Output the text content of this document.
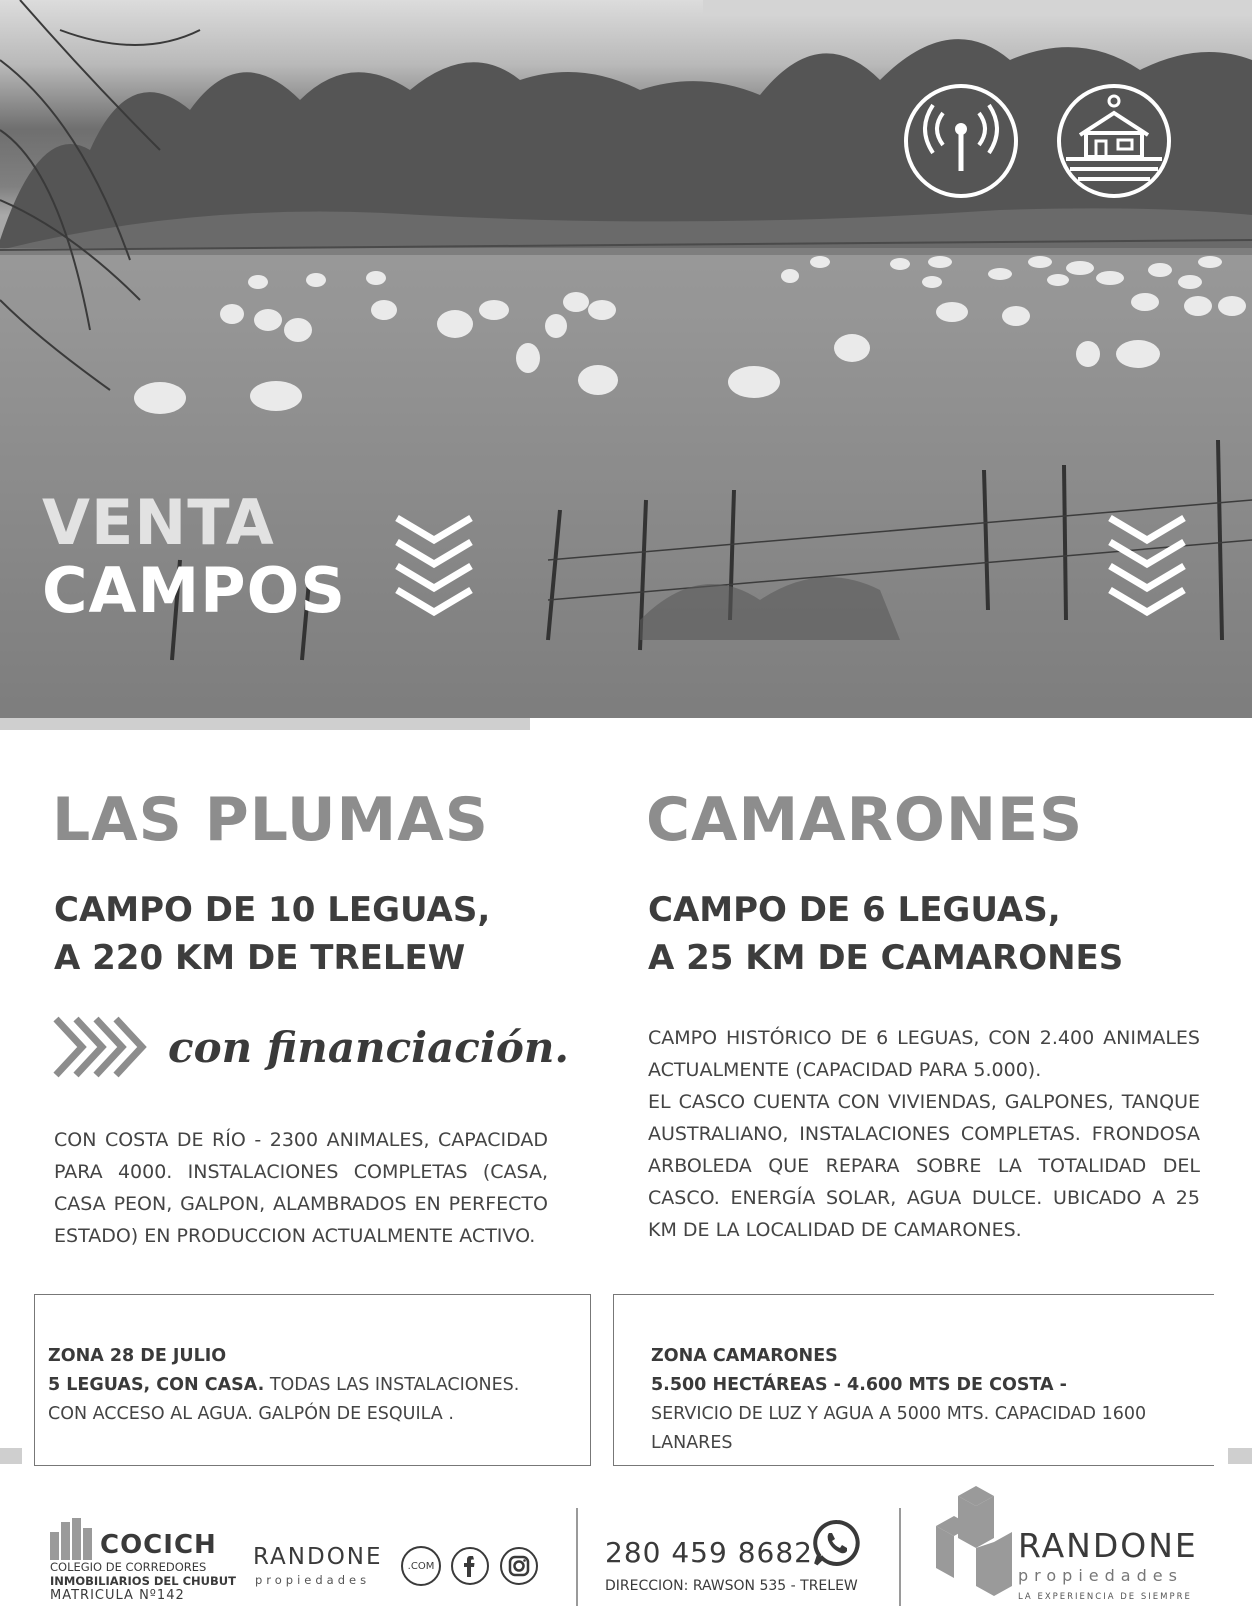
VENTA
CAMPOS
LAS PLUMAS
CAMPO DE 10 LEGUAS,
A 220 KM DE TRELEW
con financiación.
CON COSTA DE RÍO - 2300 ANIMALES, CAPACIDAD PARA 4000. INSTALACIONES COMPLETAS (CASA, CASA PEON, GALPON, ALAMBRADOS EN PERFECTO ESTADO) EN PRODUCCION ACTUALMENTE ACTIVO.
CAMARONES
CAMPO DE 6 LEGUAS,
A 25 KM DE CAMARONES
CAMPO HISTÓRICO DE 6 LEGUAS, CON 2.400 ANIMALES ACTUALMENTE (CAPACIDAD PARA 5.000).
EL CASCO CUENTA CON VIVIENDAS, GALPONES, TANQUE AUSTRALIANO, INSTALACIONES COMPLETAS. FRONDOSA ARBOLEDA QUE REPARA SOBRE LA TOTALIDAD DEL CASCO. ENERGÍA SOLAR, AGUA DULCE. UBICADO A 25 KM DE LA LOCALIDAD DE CAMARONES.
ZONA 28 DE JULIO
5 LEGUAS, CON CASA. TODAS LAS INSTALACIONES.
CON ACCESO AL AGUA. GALPÓN DE ESQUILA .
ZONA CAMARONES
5.500 HECTÁREAS - 4.600 MTS DE COSTA -
SERVICIO DE LUZ Y AGUA A 5000 MTS. CAPACIDAD 1600
LANARES
COCICH
COLEGIO DE CORREDORES
INMOBILIARIOS DEL CHUBUT
MATRICULA Nº142
RANDONE
propiedades
.COM	280 459 8682
DIRECCION: RAWSON 535 - TRELEW
RANDONE
propiedades
LA EXPERIENCIA DE SIEMPRE
